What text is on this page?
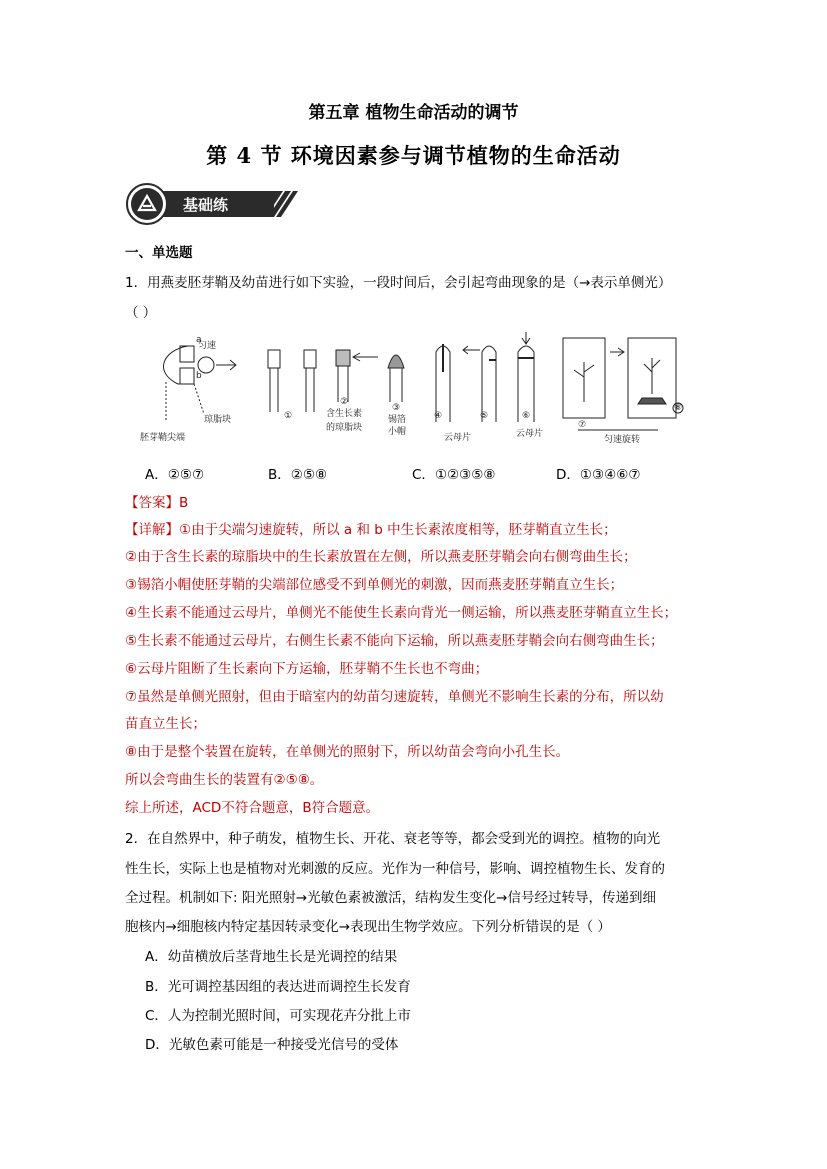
第五章 植物生命活动的调节
第 4 节 环境因素参与调节植物的生命活动
基础练
一、单选题
1．用燕麦胚芽鞘及幼苗进行如下实验，一段时间后，会引起弯曲现象的是（→表示单侧光）
（ ）
匀速
a
b
琼脂块
胚芽鞘尖端
①	含生长素
的琼脂块
②
③
锡箔
小帽
④	⑤	⑥
⑦
⑧
云母片	云母片
匀速旋转
A．②⑤⑦	B．②⑤⑧	C．①②③⑤⑧	D．①③④⑥⑦
【答案】B
【详解】①由于尖端匀速旋转，所以 a 和 b 中生长素浓度相等，胚芽鞘直立生长；
②由于含生长素的琼脂块中的生长素放置在左侧，所以燕麦胚芽鞘会向右侧弯曲生长；
③锡箔小帽使胚芽鞘的尖端部位感受不到单侧光的刺激，因而燕麦胚芽鞘直立生长；
④生长素不能通过云母片，单侧光不能使生长素向背光一侧运输，所以燕麦胚芽鞘直立生长；
⑤生长素不能通过云母片，右侧生长素不能向下运输，所以燕麦胚芽鞘会向右侧弯曲生长；
⑥云母片阻断了生长素向下方运输，胚芽鞘不生长也不弯曲；
⑦虽然是单侧光照射，但由于暗室内的幼苗匀速旋转，单侧光不影响生长素的分布，所以幼
苗直立生长；
⑧由于是整个装置在旋转，在单侧光的照射下，所以幼苗会弯向小孔生长。
所以会弯曲生长的装置有②⑤⑧。
综上所述，ACD不符合题意，B符合题意。
2．在自然界中，种子萌发，植物生长、开花、衰老等等，都会受到光的调控。植物的向光
性生长，实际上也是植物对光刺激的反应。光作为一种信号，影响、调控植物生长、发育的
全过程。机制如下: 阳光照射→光敏色素被激活，结构发生变化→信号经过转导，传递到细
胞核内→细胞核内特定基因转录变化→表现出生物学效应。下列分析错误的是（ ）
A．幼苗横放后茎背地生长是光调控的结果
B．光可调控基因组的表达进而调控生长发育
C．人为控制光照时间，可实现花卉分批上市
D．光敏色素可能是一种接受光信号的受体
